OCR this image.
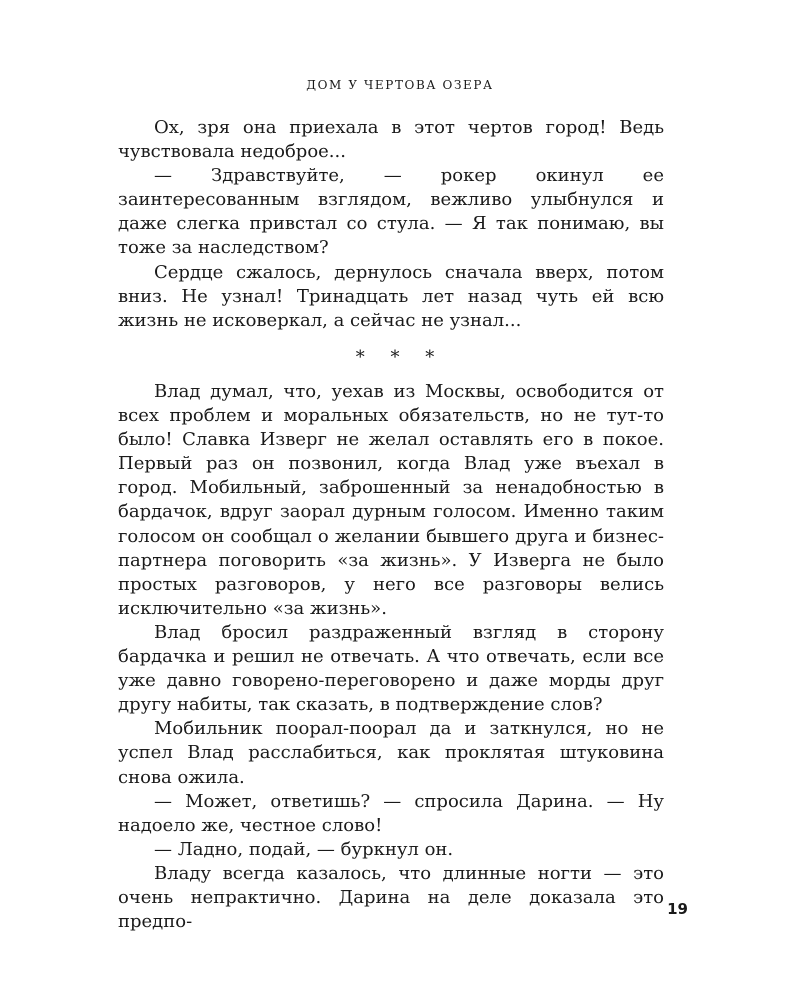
ДОМ У ЧЕРТОВА ОЗЕРА

Ох, зря она приехала в этот чертов город! Ведь чувствовала недоброе...

— Здравствуйте, — рокер окинул ее заинтересованным взглядом, вежливо улыбнулся и даже слегка привстал со стула. — Я так понимаю, вы тоже за наследством?

Сердце сжалось, дернулось сначала вверх, потом вниз. Не узнал! Тринадцать лет назад чуть ей всю жизнь не исковеркал, а сейчас не узнал...

* * *

Влад думал, что, уехав из Москвы, освободится от всех проблем и моральных обязательств, но не тут-то было! Славка Изверг не желал оставлять его в покое. Первый раз он позвонил, когда Влад уже въехал в город. Мобильный, заброшенный за ненадобностью в бардачок, вдруг заорал дурным голосом. Именно таким голосом он сообщал о желании бывшего друга и бизнес-партнера поговорить «за жизнь». У Изверга не было простых разговоров, у него все разговоры велись исключительно «за жизнь».

Влад бросил раздраженный взгляд в сторону бардачка и решил не отвечать. А что отвечать, если все уже давно говорено-переговорено и даже морды друг другу набиты, так сказать, в подтверждение слов?

Мобильник поорал-поорал да и заткнулся, но не успел Влад расслабиться, как проклятая штуковина снова ожила.

— Может, ответишь? — спросила Дарина. — Ну надоело же, честное слово!

— Ладно, подай, — буркнул он.

Владу всегда казалось, что длинные ногти — это очень непрактично. Дарина на деле доказала это предпо-

19
